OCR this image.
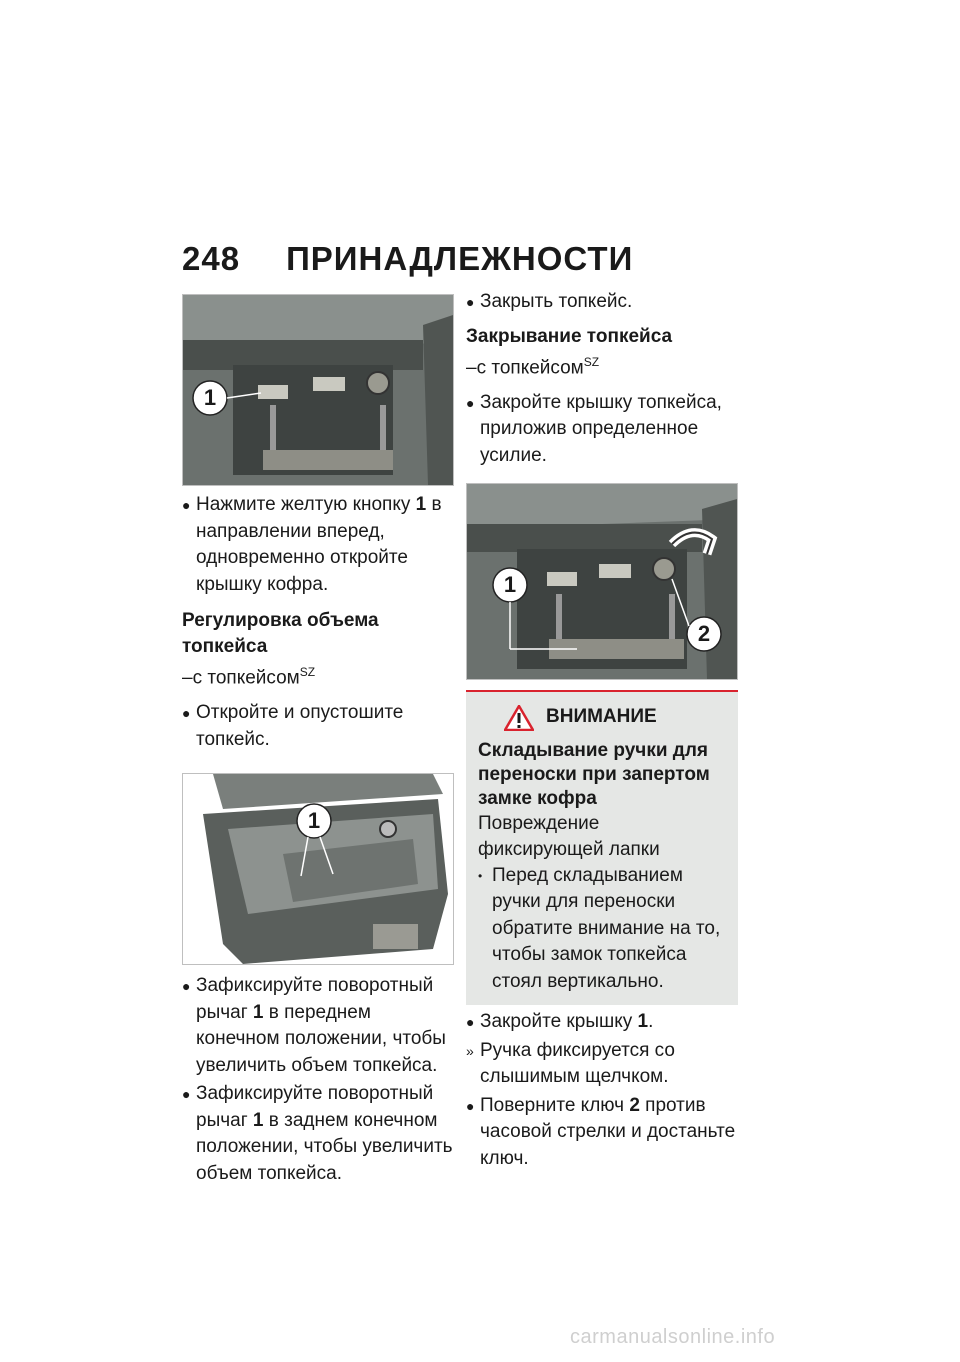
248 ПРИНАДЛЕЖНОСТИ
1
● Нажмите желтую кнопку 1 в направлении вперед, одновременно откройте крышку кофра.
Регулировка объема топкейса
–с топкейсом$^{SZ}$
● Откройте и опустошите топкейс.
1
● Зафиксируйте поворотный рычаг 1 в переднем конечном положении, чтобы увеличить объем топкейса.
● Зафиксируйте поворотный рычаг 1 в заднем конечном положении, чтобы увеличить объем топкейса.
● Закрыть топкейс.
Закрывание топкейса
–с топкейсом$^{SZ}$
● Закройте крышку топкейса, приложив определенное усилие.
1
2
ВНИМАНИЕ
Складывание ручки для переноски при запертом замке кофра
Повреждение фиксирующей лапки
• Перед складыванием ручки для переноски обратите внимание на то, чтобы замок топкейса стоял вертикально.
● Закройте крышку 1.
» Ручка фиксируется со слышимым щелчком.
● Поверните ключ 2 против часовой стрелки и достаньте ключ.
carmanualsonline.info
